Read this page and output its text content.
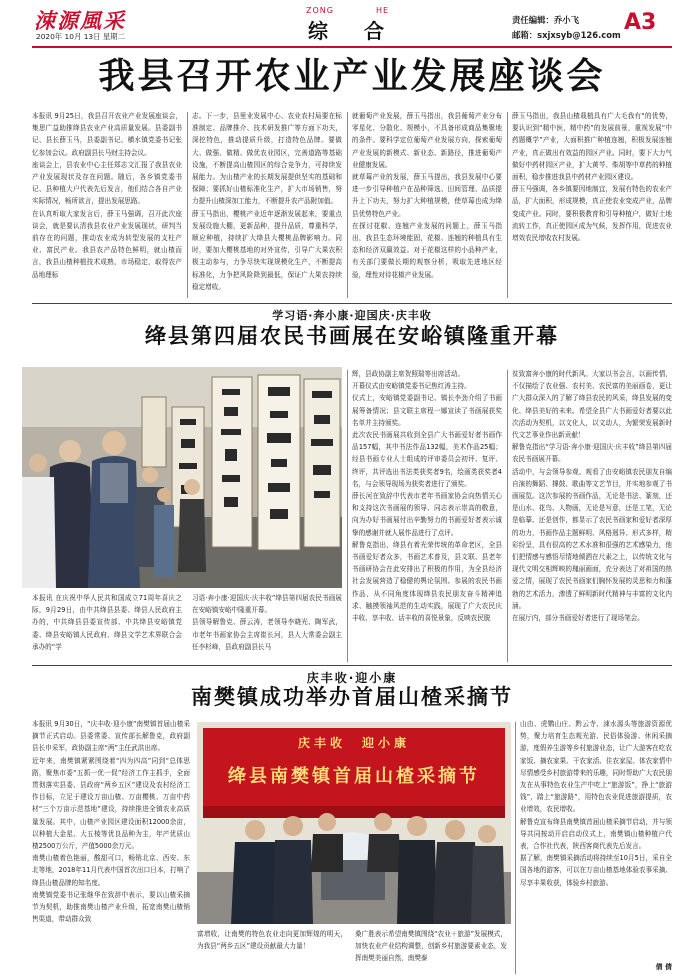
涑源風采
2020年 10月 13日 星期二
ZONG	HE
综　合	责任编辑：乔小飞
邮箱：sxjxsyb@126.com A3
我县召开农业产业发展座谈会
本报讯 9月25日，我县召开农业产业发展座谈会，集思广益助推绛县农业产业高质量发展。县委副书记、县长薛玉马，县委副书记、横水镇党委书记张忆参加会议。政府副县长马财主持会议。
座谈会上，县农业中心主任郑志文汇报了我县农业产业发展现状及存在问题。随后，各乡镇党委书记、县种植大户代表先后发言，他们结合各自产业实际情况，畅所欲言，提出发展思路。
在认真听取大家发言后，薛玉马强调，召开此次座谈会，就是要认清我县农业产业发展现状，研判当前存在的问题，推动农业成为转型发展的支柱产业、富民产业。我县农产品特色鲜明，就山楂而言，我县山楂种植技术成熟，市场稳定，取得农产品地理标
志。下一步，县里业发展中心、农业农村局要在标准制定、品牌推介、技术研发推广等方面下功夫，深挖特色，推动提质升级，打造特色品牌。要做大、做强、做精、做优农业园区，完善道路等基础设施，不断提高山楂园区的综合竞争力，可持续发展能力。为山楂产业的长期发展提供坚实的基础和保障；要抓好山楂标准化生产，扩大市场销售，努力提升山楂深加工能力，不断提升农产品附加值。
薛玉马指出，樱桃产业近年逐渐发展起来，要重点发展设施大棚，更新品种，提升品质，尊重科学，顺应种植，持续扩大绛县大樱桃品牌影响力。同时，要加大樱桃基地的对外宣传，引导广大果农积极主动参与，力争尽快实现规模化生产，不断提高标准化，力争把风险降到最低，保证广大果农持续稳定增收。
就葡萄产业发展，薛玉马指出，我县葡萄产业分布零星化、分散化、规模小，不具备形成商品集聚地的条件。要科学定位葡萄产业发展方向，探索葡萄产业发展的新模式、新业态、新路径，推进葡萄产业健康发展。
就草莓产业的发展，薛玉马提出，我县发展中心要进一步引导种植户在品种筛选、田间管理、品质提升上下功夫，努力扩大种植规模，使草莓也成为绛县优势特色产业。
在探讨花椒、连翘产业发展的问题上，薛玉马指出，我县生态环境能固，花椒、连翘的种植具有生态和经济双赢效益。对于花椒这样的小品种产业，有关部门要做长期的观察分析，吸取先进地区经验，理性对待花椒产业发展。
薛玉马指出，我县山楂栽植具有广大毛我有“的优势，要认识到“精中医，精中药”的发展前景，重视发展“中药题概学”产业，大面积推广种植连翘，积极发展连翘产业，真正做出有效益的园区产业。同时，要下大力气做好中药材园区产业，扩大黄芩、柴胡等中草药的种植面积，稳步推进我县中药材产业园区建设。
薛玉马强调，各乡镇要因地制宜，发展有特色的农业产品，扩大面积，形成规模，真正使农业变成产业，品牌变成产业。同时，要积极教育和引导种植户，做好土地流转工作，真正使园区成为气候，发挥作用，促进农业增效农民增收农村发展。
学习语·奔小康·迎国庆·庆丰收
绛县第四届农民书画展在安峪镇隆重开幕
本报讯 在庆祝中华人民共和国成立71周年喜庆之际，9月29日，由中共绛县县委、绛县人民政府主办的，中共绛县县委宣传部、中共绛县安峪镇党委、绛县安峪镇人民政府、绛县文学艺术界联合会承办的“学
习语·奔小康·迎国庆·庆丰收”绛县第四届农民书画展在安峪镇安峪中隆重开幕。
县领导解鲁克、薛云涛，老领导李晓光、陶军武，市老年书画家协会主席崔长河，县人大常委会副主任李杉峰，县政府副县长马
辉，县政协副主席贺照瑞等出席活动。
开幕仪式由安峪镇党委书记焦红涛主持。
仪式上，安峪镇党委副书记、镇长李劲介绍了书画展筹备情况；县文联主席程一娜宣读了书画展获奖名单并主持颁奖。
此次农民书画展共收到全县广大书画爱好者书画作品157幅，其中书法作品132幅，美术作品25幅；经县书画专业人士组成的评审委员会初评、复评、终评，共评选出书法类获奖者9名，绘画类获奖者4名，与会领导现场为获奖者进行了颁奖。
薛长河在致辞中代表市老年书画家协会向热情关心和支持这次书画展的领导、同志表示崇高的敬意，向为办好书画展付出辛勤努力的书画爱好者表示诚挚的感谢并就人展作品进行了点评。
解鲁克指出，绛县有着光荣传统的革命老区，全县书画爱好者众多，书画艺术普及，县文联、县老年书画研协会在此安排出了积极的作用，为全县经济社会发展营造了稳健的舆论氛围。参展的农民书画作品，从不同角度体现绛县农民朋友奋斗精神追求、触摸领袖风范的生动实践，展现了广大农民庆丰收、享丰收、话丰收的喜悦景象，反映农民脱
贫致富奔小康的时代新风。大家以书会言，以画传情，不仅描绘了农业强、农村美、农民富的美丽画卷，更让广大群众深入的了解了绛县农民的风采，绛县发展的变化、绛县美好的未来。希望全县广大书画爱好者要以此次活动为契机，以文化人，以文动人，为繁荣发展新时代文艺事业作出新贡献！
解鲁克指出“学习语·奔小康·迎国庆·庆丰收”绛县第四届农民书画展开幕。
活动中，与会领导参观、观看了由安峪镇农民朋友自编自演的舞蹈、撑鼓、歌曲等文艺节目，并实地参观了书画展览。这次参展的书画作品，无论是书法、篆刻，还是山水、花鸟、人物画，无论是写意，还是工笔，无论是临摹、还是创作，都显示了农民书画家和爱好者深厚的功力，书画作品主题鲜明、风格迥异、形式多样，精彩纷呈，具有很高的艺术水准和很强的艺术感染力，他们把情感与感悟尽情地倾洒在尺素之上，以传统文化与现代文明交相辉映的瑰丽画面，充分表达了对祖国的热爱之情，展现了农民书画家们胸怀发展的灵思和力和蓬勃的艺术活力，渗透了鲜明新时代精神与丰富的文化内涵。
在展厅内，部分书画爱好者进行了现场笔会。
庆丰收·迎小康
南樊镇成功举办首届山楂采摘节
本报讯 9月30日，“庆丰收·迎小康”南樊镇首届山楂采摘节正式启动。县委常委、宣传部长解鲁克，政府副县长申采军，政协副主席“两”主任武洪出席。
近年来，南樊镇紧紧围绕着“四为四高”同到”总体思路，聚焦市委“五抓一优一促”经济工作主抓手，全面贯彻落实县委、县政府“两乡五区”建设及农村经济工作目标，立足于建设万亩山楂、万亩樱桃、万亩中药材“三个万亩示范基地”建设，持续推进全镇农业高质量发展。其中，山楂产业园区建设面积12000余亩，以种植大金星、大五棱等优良品种为主，年产优质山楂2500万公斤，产值5000余万元。
南樊山楂着色艳丽，酸甜可口，畅销北京、西安、东北等地，2018年11月代表中国首次出口日本，打响了绛县山楂品牌的知名度。
南樊镇党委书记张继华在致辞中表示，要以山楂采摘节为契机，助推南樊山楂产业升级，拓宽南樊山楂销售渠道，带动群众致
庆丰收　迎小康
绛县南樊镇首届山楂采摘节
富增收，让南樊的特色农业走向更加辉煌的明天，为我县“两乡五区”建设贡献最大力量！
桑广胜表示希望南樊镇围绕“农业＋旅游”发展模式，加快农业产业结构调整，创新乡村旅游要素业态，发挥南樊美丽自然，南樊泰
山由、虎鹦山庄、黔云寺、涑水源头等旅游资源优势，聚力培育生态观光游、民俗体验游、休闲采摘游，度假养生游等乡村旅游业态，让广大游客在吃农家饭、摘农家果、干农家活、住农家屋、体农家情中尽情感受乡村旅游带来的乐趣，同时帮助广大农民朋友在从事特色农业生产中吃上“旅游饭”，挣上“旅游钱”，踏上“旅游路”，用特色农业促进旅游提质，农业增效，农民增收。
解鲁克宣布绛县南樊镇首届山楂采摘节启动，并与领导共同按动开启启动仪式上，南樊镇山楂种植户代表，合作社代表，陕西客商代表先后发言。
据了解，南樊镇采摘活动将持续至10月5日，采自全国各地的游客，可以在万亩山楂基地体验农事采摘、尽享丰果收获，体验乡村旅游。
倩 倩
